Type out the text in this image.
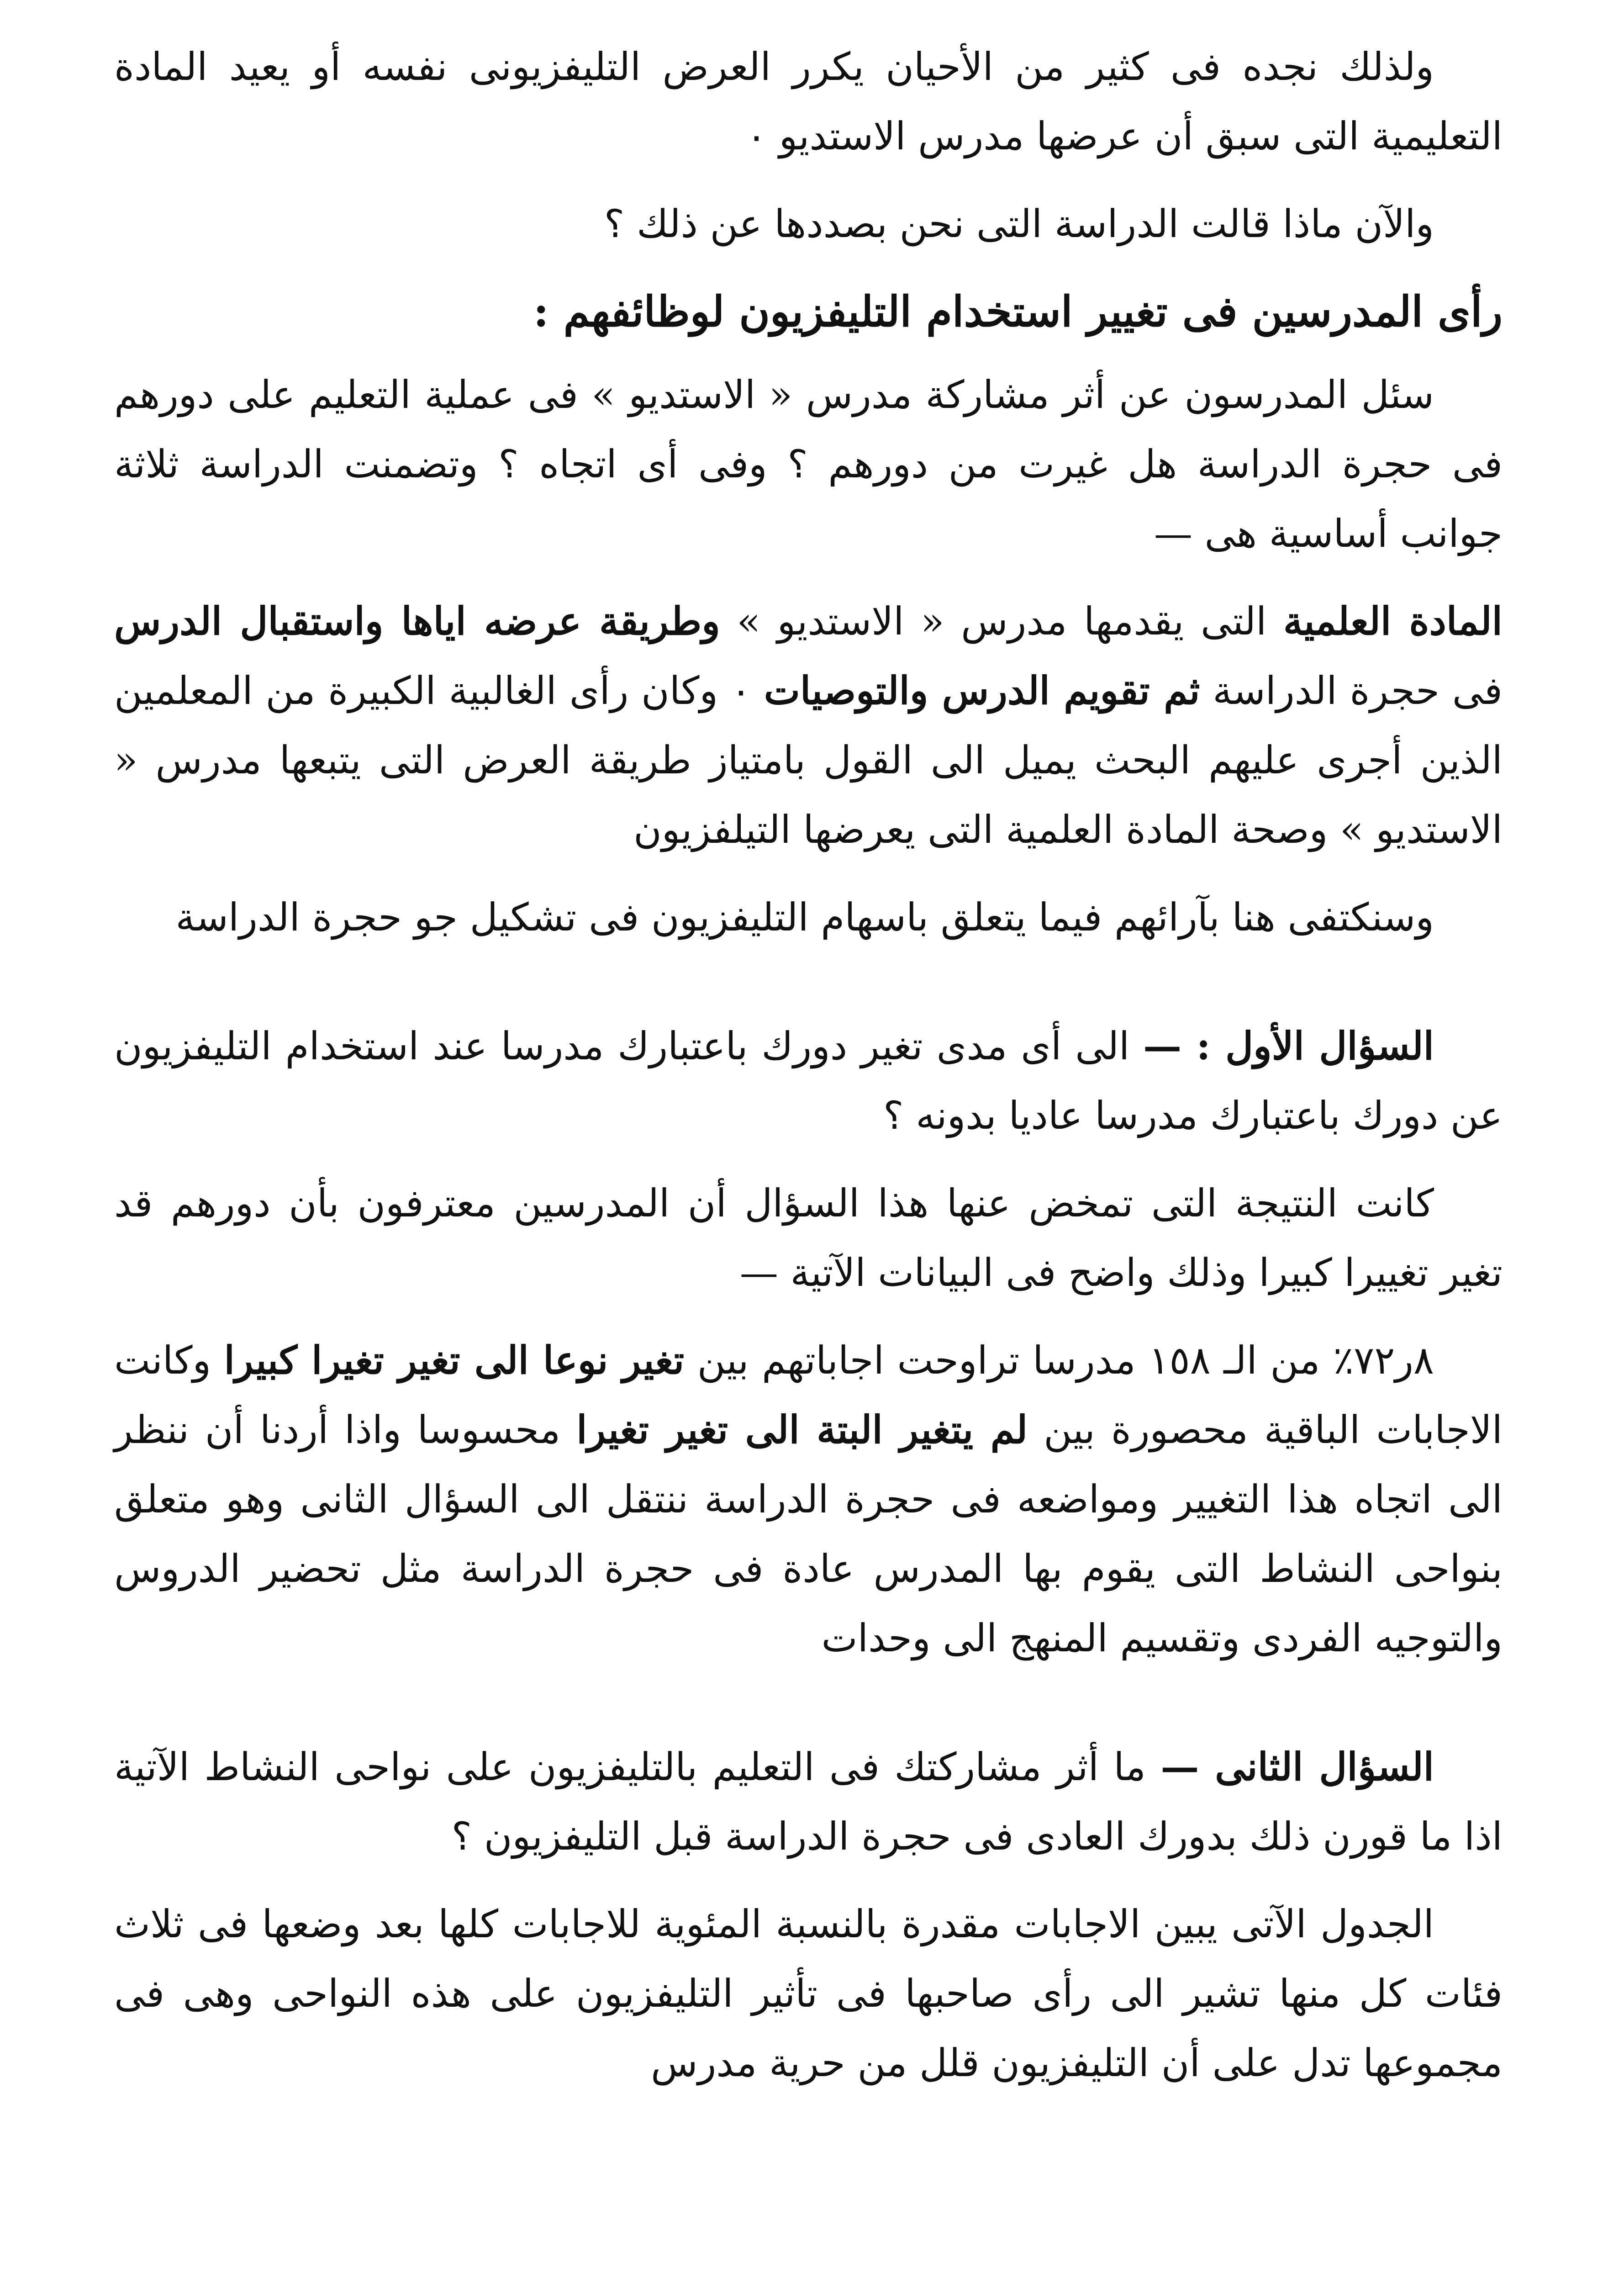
ولذلك نجده فى كثير من الأحيان يكرر العرض التليفزيونى نفسه أو يعيد المادة التعليمية التى سبق أن عرضها مدرس الاستديو ٠

والآن ماذا قالت الدراسة التى نحن بصددها عن ذلك ؟

رأى المدرسين فى تغيير استخدام التليفزيون لوظائفهم :

سئل المدرسون عن أثر مشاركة مدرس « الاستديو » فى عملية التعليم على دورهم فى حجرة الدراسة هل غيرت من دورهم ؟ وفى أى اتجاه ؟ وتضمنت الدراسة ثلاثة جوانب أساسية هى —

المادة العلمية التى يقدمها مدرس « الاستديو » وطريقة عرضه اياها واستقبال الدرس فى حجرة الدراسة ثم تقويم الدرس والتوصيات ٠ وكان رأى الغالبية الكبيرة من المعلمين الذين أجرى عليهم البحث يميل الى القول بامتياز طريقة العرض التى يتبعها مدرس « الاستديو » وصحة المادة العلمية التى يعرضها التيلفزيون

وسنكتفى هنا بآرائهم فيما يتعلق باسهام التليفزيون فى تشكيل جو حجرة الدراسة

السؤال الأول : — الى أى مدى تغير دورك باعتبارك مدرسا عند استخدام التليفزيون عن دورك باعتبارك مدرسا عاديا بدونه ؟

كانت النتيجة التى تمخض عنها هذا السؤال أن المدرسين معترفون بأن دورهم قد تغير تغييرا كبيرا وذلك واضح فى البيانات الآتية —

٨ر٧٢٪ من الـ ١٥٨ مدرسا تراوحت اجاباتهم بين تغير نوعا الى تغير تغيرا كبيرا وكانت الاجابات الباقية محصورة بين لم يتغير البتة الى تغير تغيرا محسوسا واذا أردنا أن ننظر الى اتجاه هذا التغيير ومواضعه فى حجرة الدراسة ننتقل الى السؤال الثانى وهو متعلق بنواحى النشاط التى يقوم بها المدرس عادة فى حجرة الدراسة مثل تحضير الدروس والتوجيه الفردى وتقسيم المنهج الى وحدات

السؤال الثانى — ما أثر مشاركتك فى التعليم بالتليفزيون على نواحى النشاط الآتية اذا ما قورن ذلك بدورك العادى فى حجرة الدراسة قبل التليفزيون ؟

الجدول الآتى يبين الاجابات مقدرة بالنسبة المئوية للاجابات كلها بعد وضعها فى ثلاث فئات كل منها تشير الى رأى صاحبها فى تأثير التليفزيون على هذه النواحى وهى فى مجموعها تدل على أن التليفزيون قلل من حرية مدرس
